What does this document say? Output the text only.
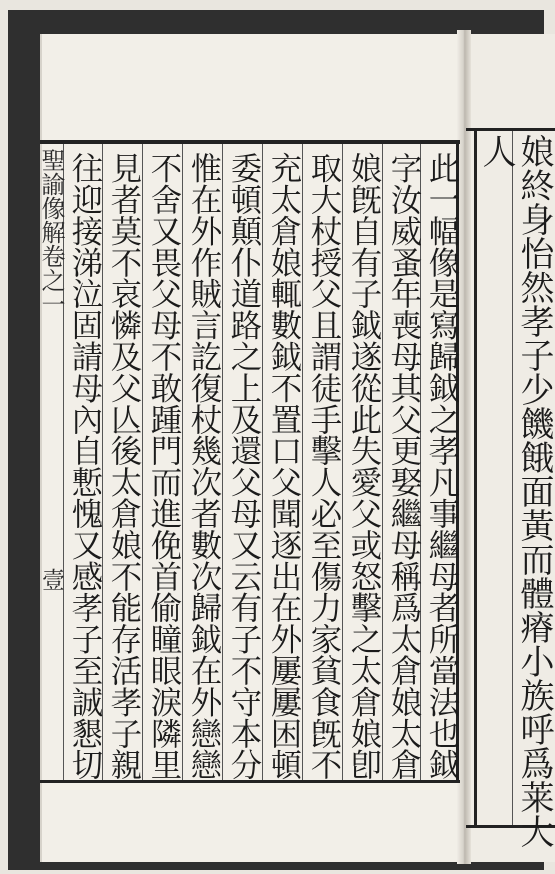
聖諭像解卷之一
壹	此一幅像是寫歸鉞之孝凡事繼母者所當法也鉞
字汝威蚤年喪母其父更娶繼母稱爲太倉娘太倉
娘旣自有子鉞遂從此失愛父或怒擊之太倉娘卽
取大杖授父且謂徒手擊人必至傷力家貧食旣不
充太倉娘輒數鉞不置口父聞逐出在外屢屢困頓
委頓顛仆道路之上及還父母又云有子不守本分
惟在外作賊言訖復杖幾次者數次歸鉞在外戀戀
不舍又畏父母不敢踵門而進俛首偷瞳眼淚隣里
見者莫不哀憐及父亾後太倉娘不能存活孝子親
往迎接涕泣固請母內自慙愧又感孝子至誠懇切	娘終身怡然孝子少饑餓面黃而體瘠小族呼爲莱大
人
